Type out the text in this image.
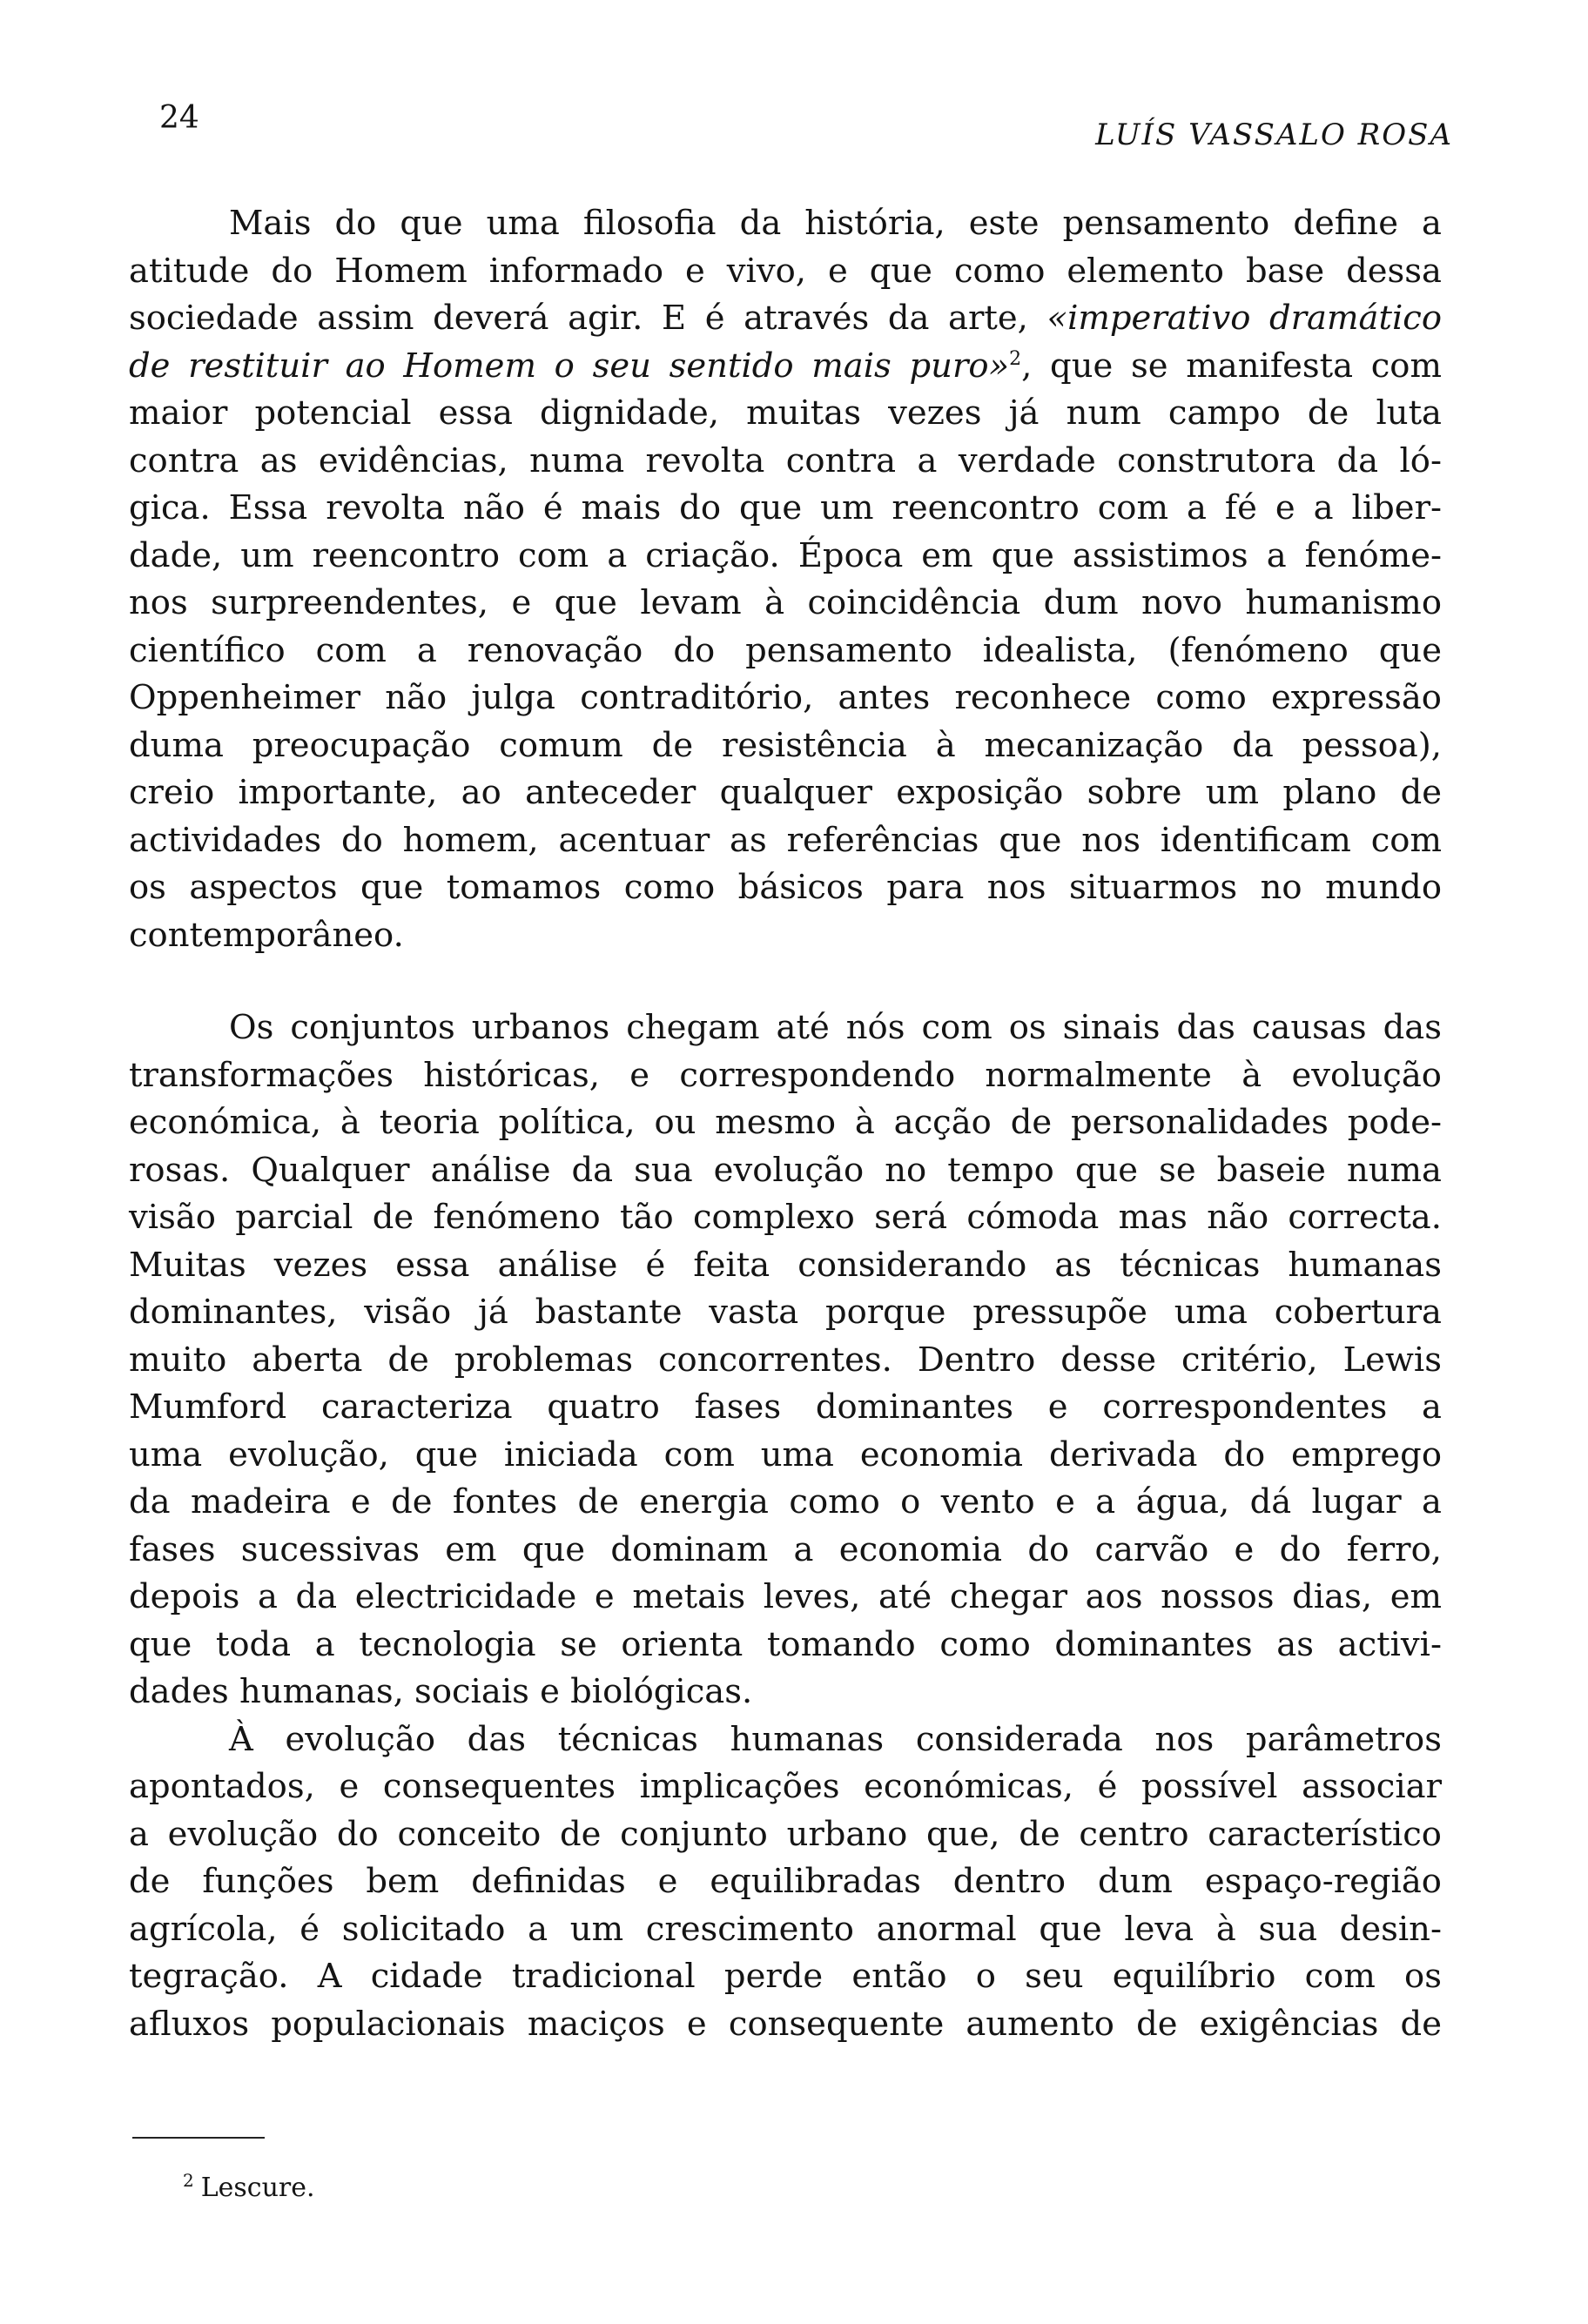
24	LUÍS VASSALO ROSA
Mais do que uma filosofia da história, este pensamento define a
atitude do Homem informado e vivo, e que como elemento base dessa
sociedade assim deverá agir. E é através da arte, «imperativo dramático
de restituir ao Homem o seu sentido mais puro»$^2$, que se manifesta com
maior potencial essa dignidade, muitas vezes já num campo de luta
contra as evidências, numa revolta contra a verdade construtora da ló-
gica. Essa revolta não é mais do que um reencontro com a fé e a liber-
dade, um reencontro com a criação. Época em que assistimos a fenóme-
nos surpreendentes, e que levam à coincidência dum novo humanismo
científico com a renovação do pensamento idealista, (fenómeno que
Oppenheimer não julga contraditório, antes reconhece como expressão
duma preocupação comum de resistência à mecanização da pessoa),
creio importante, ao anteceder qualquer exposição sobre um plano de
actividades do homem, acentuar as referências que nos identificam com
os aspectos que tomamos como básicos para nos situarmos no mundo
contemporâneo.
Os conjuntos urbanos chegam até nós com os sinais das causas das
transformações históricas, e correspondendo normalmente à evolução
económica, à teoria política, ou mesmo à acção de personalidades pode-
rosas. Qualquer análise da sua evolução no tempo que se baseie numa
visão parcial de fenómeno tão complexo será cómoda mas não correcta.
Muitas vezes essa análise é feita considerando as técnicas humanas
dominantes, visão já bastante vasta porque pressupõe uma cobertura
muito aberta de problemas concorrentes. Dentro desse critério, Lewis
Mumford caracteriza quatro fases dominantes e correspondentes a
uma evolução, que iniciada com uma economia derivada do emprego
da madeira e de fontes de energia como o vento e a água, dá lugar a
fases sucessivas em que dominam a economia do carvão e do ferro,
depois a da electricidade e metais leves, até chegar aos nossos dias, em
que toda a tecnologia se orienta tomando como dominantes as activi-
dades humanas, sociais e biológicas.
À evolução das técnicas humanas considerada nos parâmetros
apontados, e consequentes implicações económicas, é possível associar
a evolução do conceito de conjunto urbano que, de centro característico
de funções bem definidas e equilibradas dentro dum espaço-região
agrícola, é solicitado a um crescimento anormal que leva à sua desin-
tegração. A cidade tradicional perde então o seu equilíbrio com os
afluxos populacionais maciços e consequente aumento de exigências de
$^2$ Lescure.
